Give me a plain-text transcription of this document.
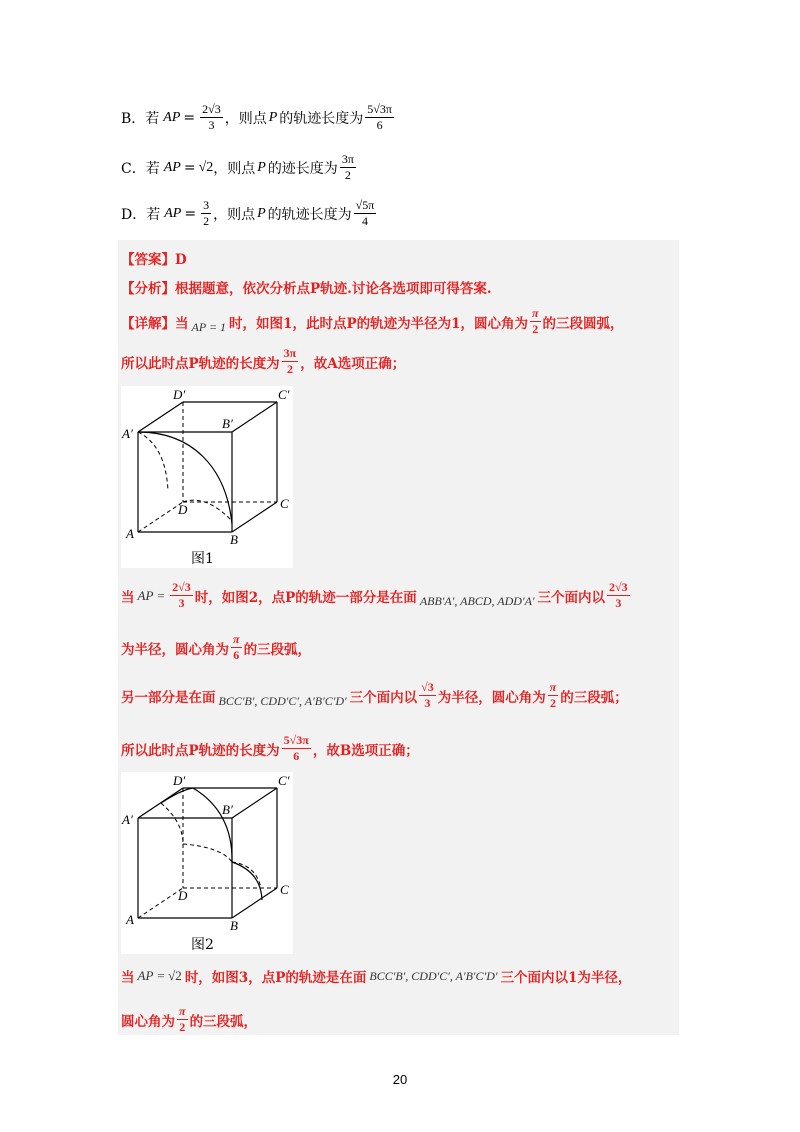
B．若 AP = $\frac{2√3}{3}$ ，则点 P 的轨迹长度为 $\frac{5√3\pi}{6}$
C．若 AP = √2 ，则点 P 的迹长度为 $\frac{3\pi}{2}$
D．若 AP = $\frac{3}{2}$ ，则点 P 的轨迹长度为 $\frac{√5\pi}{4}$
【答案】D
【分析】根据题意，依次分析点P轨迹.讨论各选项即可得答案.
【详解】当 AP = 1 时，如图1，此时点P的轨迹为半径为1，圆心角为 $\frac{\pi}{2}$ 的三段圆弧，
所以此时点P轨迹的长度为 $\frac{3\pi}{2}$ ，故A选项正确；
D′	C′
B′
A′
D	C
A	B
图1
当 AP = $\frac{2√3}{3}$ 时，如图2，点P的轨迹一部分是在面 ABB′A′, ABCD, ADD′A′ 三个面内以 $\frac{2√3}{3}$
为半径，圆心角为 $\frac{\pi}{6}$ 的三段弧，
另一部分是在面 BCC′B′, CDD′C′, A′B′C′D′ 三个面内以 $\frac{√3}{3}$ 为半径，圆心角为 $\frac{\pi}{2}$ 的三段弧；
所以此时点P轨迹的长度为 $\frac{5√3\pi}{6}$ ，故B选项正确；
D′	C′
B′
A′
D	C
A	B
图2
当 AP = √2 时，如图3，点P的轨迹是在面 BCC′B′, CDD′C′, A′B′C′D′ 三个面内以1为半径，
圆心角为 $\frac{\pi}{2}$ 的三段弧，
20
